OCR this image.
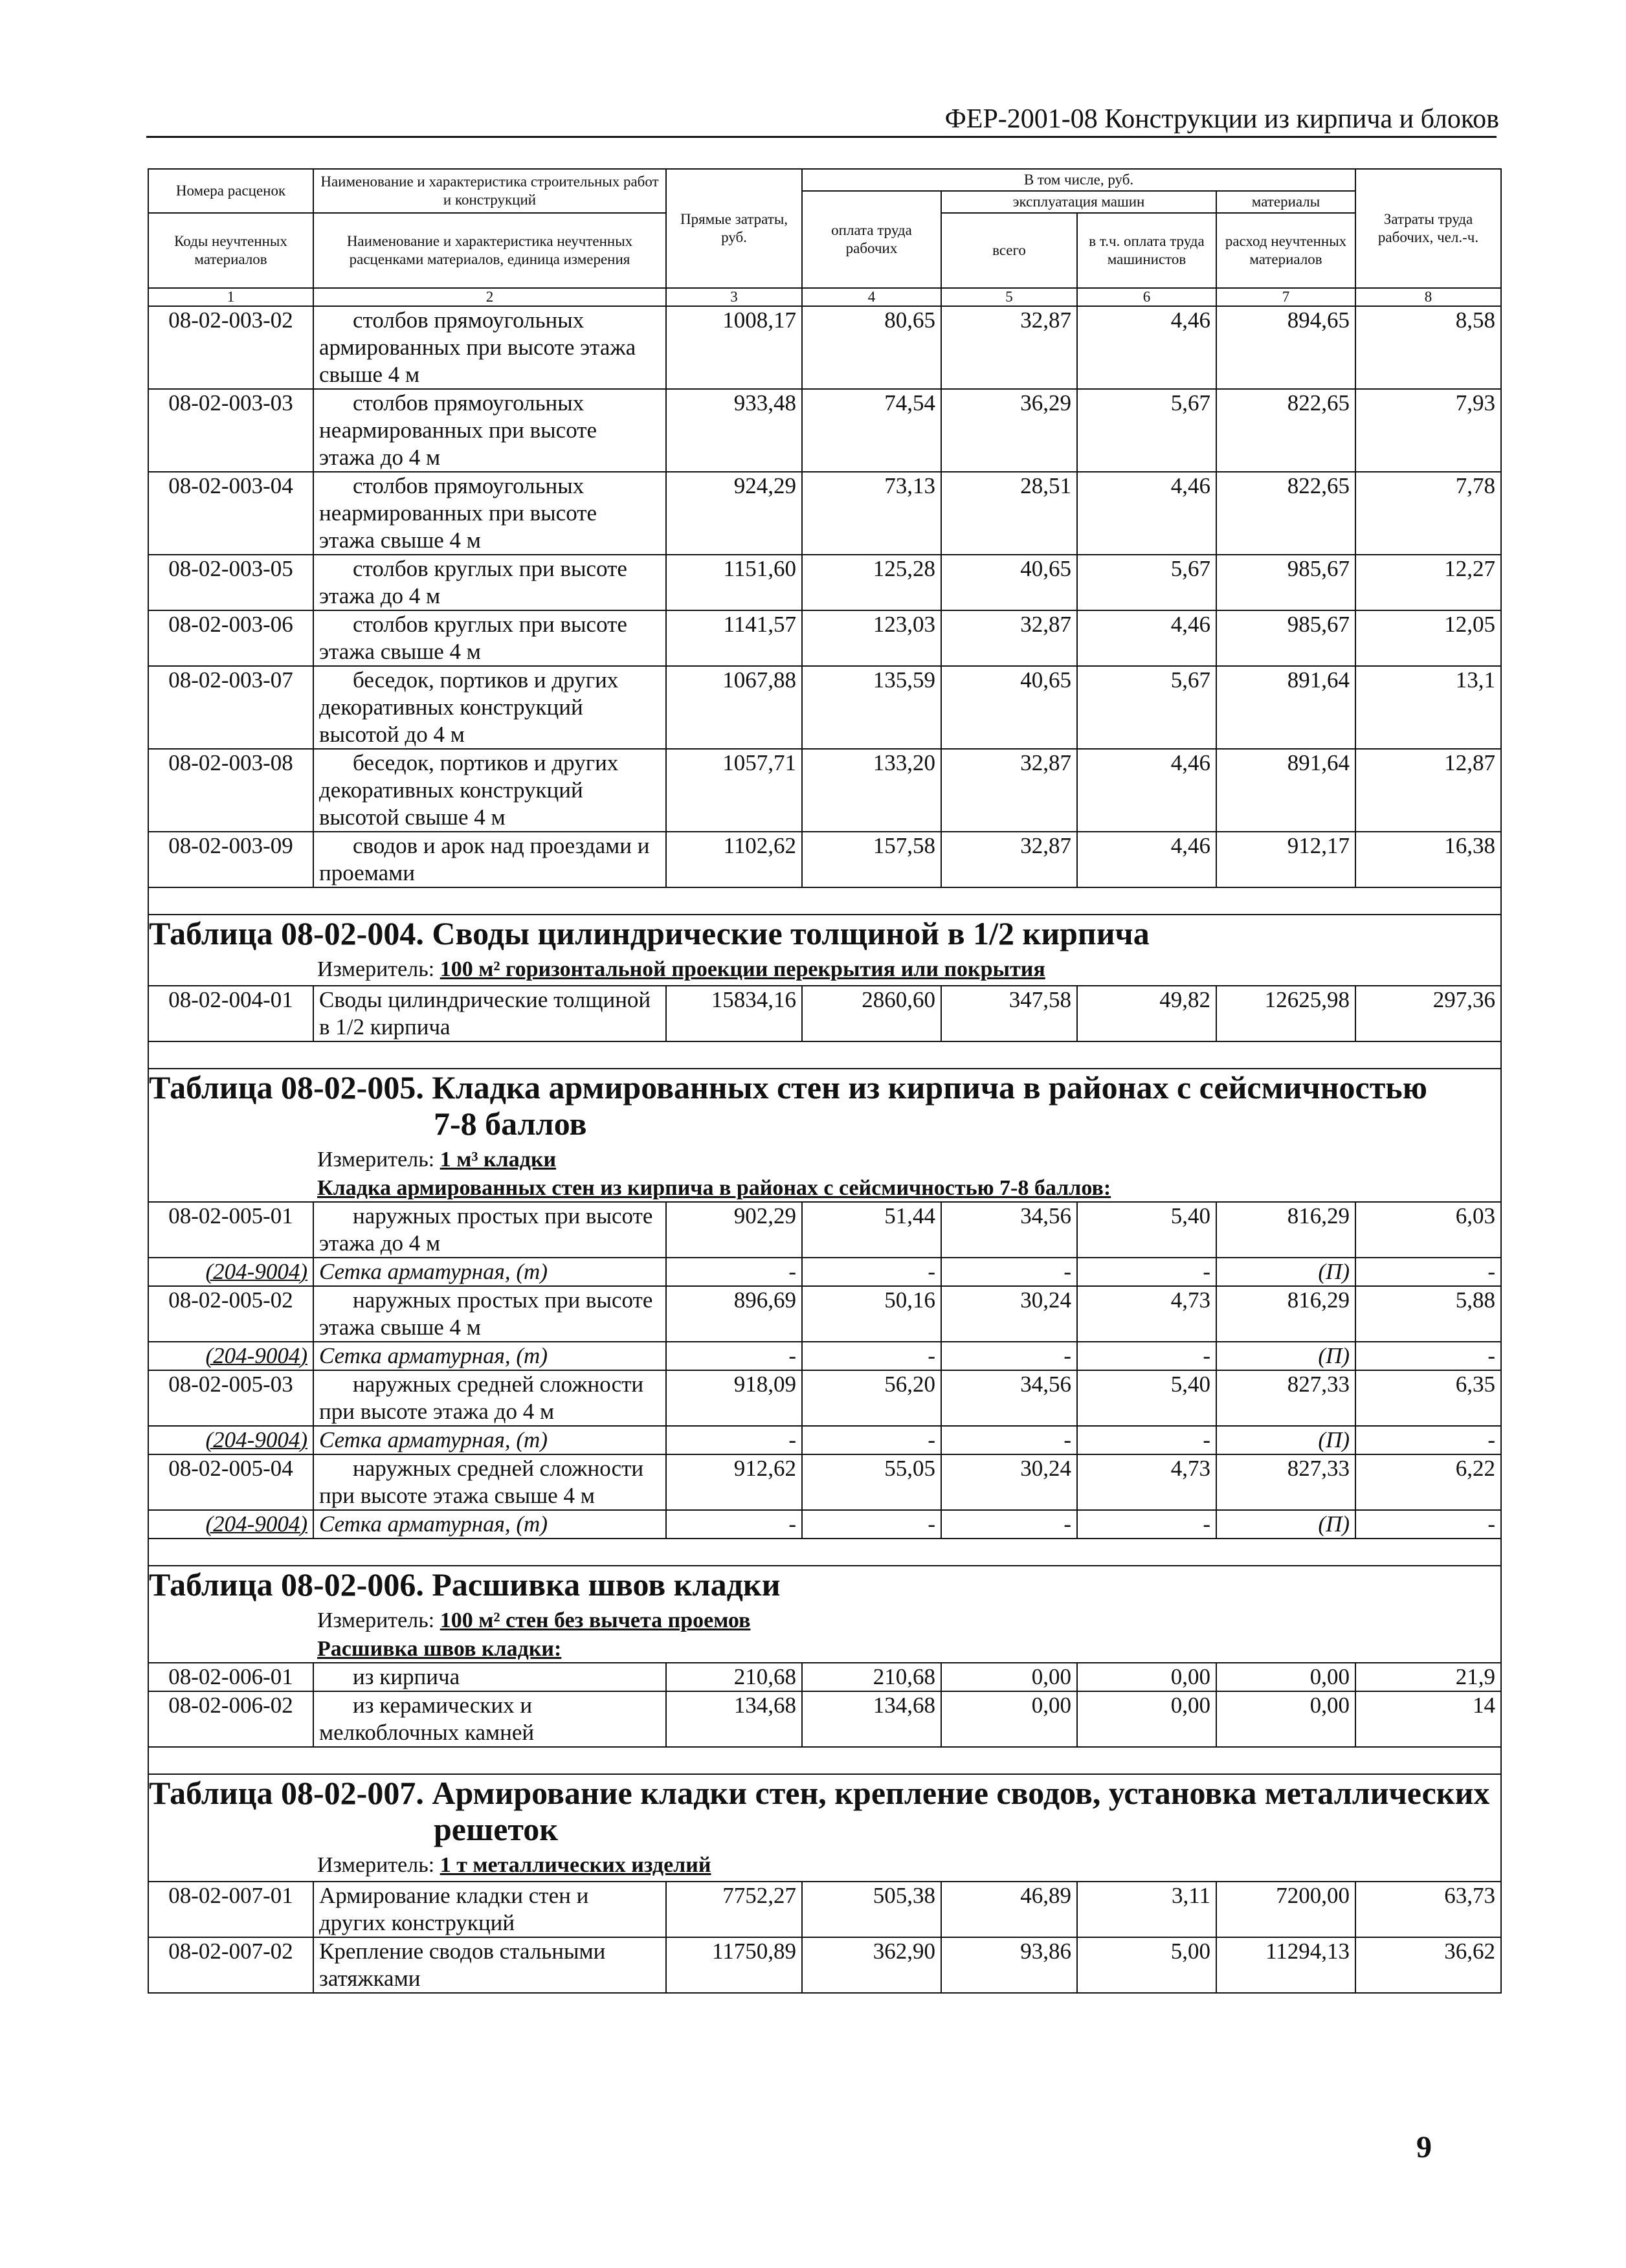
ФЕР-2001-08 Конструкции из кирпича и блоков
Номера расценок	Наименование и характеристика строительных работ и конструкций	Прямые затраты, руб.	В том числе, руб.				Затраты труда рабочих, чел.-ч.
			оплата труда рабочих	эксплуатация машин		материалы	
Коды неучтенных материалов	Наименование и характеристика неучтенных расценками материалов, единица измерения			всего	в т.ч. оплата труда машинистов	расход неучтенных материалов	

1	2	3	4	5	6	7	8
08-02-003-02	столбов прямоугольных
армированных при высоте этажа
свыше 4 м	1008,17	80,65	32,87	4,46	894,65	8,58
08-02-003-03	столбов прямоугольных
неармированных при высоте
этажа до 4 м	933,48	74,54	36,29	5,67	822,65	7,93
08-02-003-04	столбов прямоугольных
неармированных при высоте
этажа свыше 4 м	924,29	73,13	28,51	4,46	822,65	7,78
08-02-003-05	столбов круглых при высоте
этажа до 4 м	1151,60	125,28	40,65	5,67	985,67	12,27
08-02-003-06	столбов круглых при высоте
этажа свыше 4 м	1141,57	123,03	32,87	4,46	985,67	12,05
08-02-003-07	беседок, портиков и других
декоративных конструкций
высотой до 4 м	1067,88	135,59	40,65	5,67	891,64	13,1
08-02-003-08	беседок, портиков и других
декоративных конструкций
высотой свыше 4 м	1057,71	133,20	32,87	4,46	891,64	12,87
08-02-003-09	сводов и арок над проездами и
проемами	1102,62	157,58	32,87	4,46	912,17	16,38

Таблица 08-02-004. Своды цилиндрические толщиной в 1/2 кирпича
Измеритель: 100 м² горизонтальной проекции перекрытия или покрытия							

08-02-004-01	Своды цилиндрические толщиной
в 1/2 кирпича	15834,16	2860,60	347,58	49,82	12625,98	297,36

Таблица 08-02-005. Кладка армированных стен из кирпича в районах с сейсмичностью
7-8 баллов
Измеритель: 1 м³ кладки
Кладка армированных стен из кирпича в районах с сейсмичностью 7-8 баллов:							

08-02-005-01	наружных простых при высоте
этажа до 4 м	902,29	51,44	34,56	5,40	816,29	6,03
(204-9004)	Сетка арматурная, (т)	-	-	-	-	(П)	-
08-02-005-02	наружных простых при высоте
этажа свыше 4 м	896,69	50,16	30,24	4,73	816,29	5,88
(204-9004)	Сетка арматурная, (т)	-	-	-	-	(П)	-
08-02-005-03	наружных средней сложности
при высоте этажа до 4 м	918,09	56,20	34,56	5,40	827,33	6,35
(204-9004)	Сетка арматурная, (т)	-	-	-	-	(П)	-
08-02-005-04	наружных средней сложности
при высоте этажа свыше 4 м	912,62	55,05	30,24	4,73	827,33	6,22
(204-9004)	Сетка арматурная, (т)	-	-	-	-	(П)	-

Таблица 08-02-006. Расшивка швов кладки
Измеритель: 100 м² стен без вычета проемов
Расшивка швов кладки:							

08-02-006-01	из кирпича	210,68	210,68	0,00	0,00	0,00	21,9
08-02-006-02	из керамических и
мелкоблочных камней	134,68	134,68	0,00	0,00	0,00	14

Таблица 08-02-007. Армирование кладки стен, крепление сводов, установка металлических
решеток
Измеритель: 1 т металлических изделий							

08-02-007-01	Армирование кладки стен и
других конструкций	7752,27	505,38	46,89	3,11	7200,00	63,73
08-02-007-02	Крепление сводов стальными
затяжками	11750,89	362,90	93,86	5,00	11294,13	36,62
9
